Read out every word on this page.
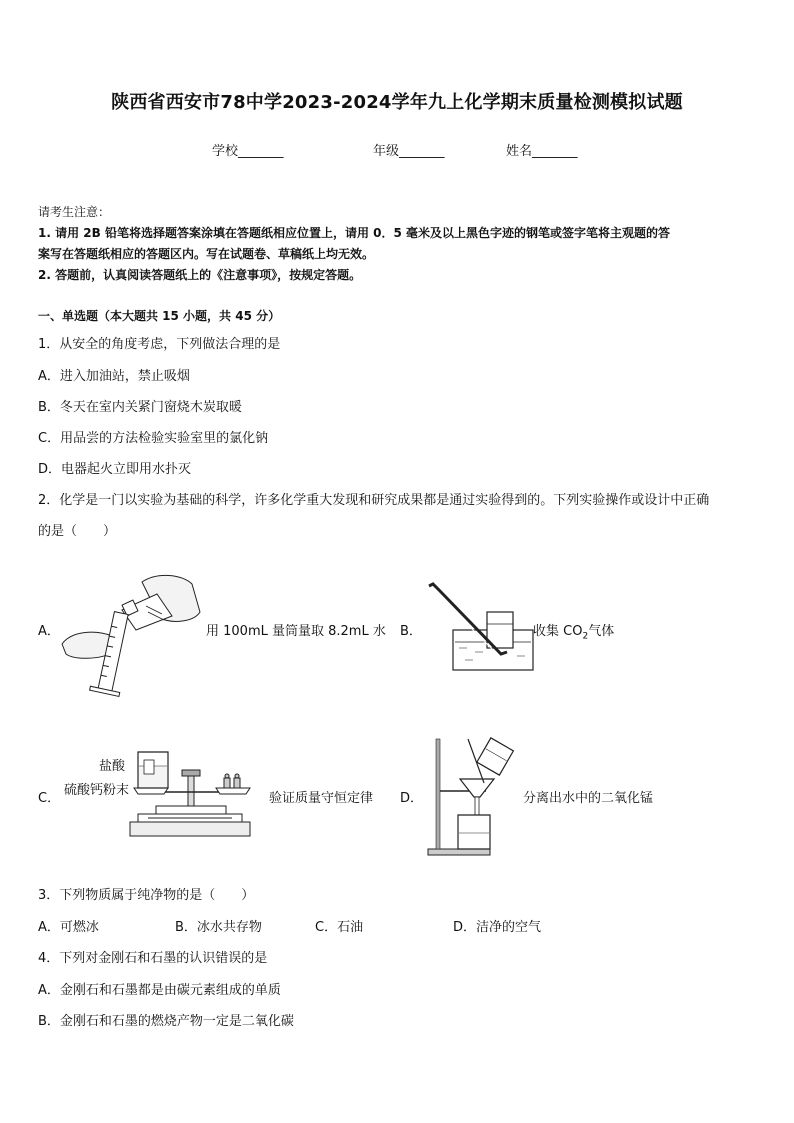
陕西省西安市78中学2023-2024学年九上化学期末质量检测模拟试题
学校_______	年级_______	姓名_______
请考生注意：
1. 请用 2B 铅笔将选择题答案涂填在答题纸相应位置上，请用 0．5 毫米及以上黑色字迹的钢笔或签字笔将主观题的答
案写在答题纸相应的答题区内。写在试题卷、草稿纸上均无效。
2. 答题前，认真阅读答题纸上的《注意事项》，按规定答题。
一、单选题（本大题共 15 小题，共 45 分）
1．从安全的角度考虑，下列做法合理的是
A．进入加油站，禁止吸烟
B．冬天在室内关紧门窗烧木炭取暖
C．用品尝的方法检验实验室里的氯化钠
D．电器起火立即用水扑灭
2．化学是一门以实验为基础的科学，许多化学重大发现和研究成果都是通过实验得到的。下列实验操作或设计中正确
的是（　　）
A．	用 100mL 量筒量取 8.2mL 水 B．	收集 $CO_2$气体
C．
盐酸
硫酸钙粉末
验证质量守恒定律 D．	分离出水中的二氧化锰
3．下列物质属于纯净物的是（　　）
A．可燃冰	B．冰水共存物	C．石油	D．洁净的空气
4．下列对金刚石和石墨的认识错误的是
A．金刚石和石墨都是由碳元素组成的单质
B．金刚石和石墨的燃烧产物一定是二氧化碳
